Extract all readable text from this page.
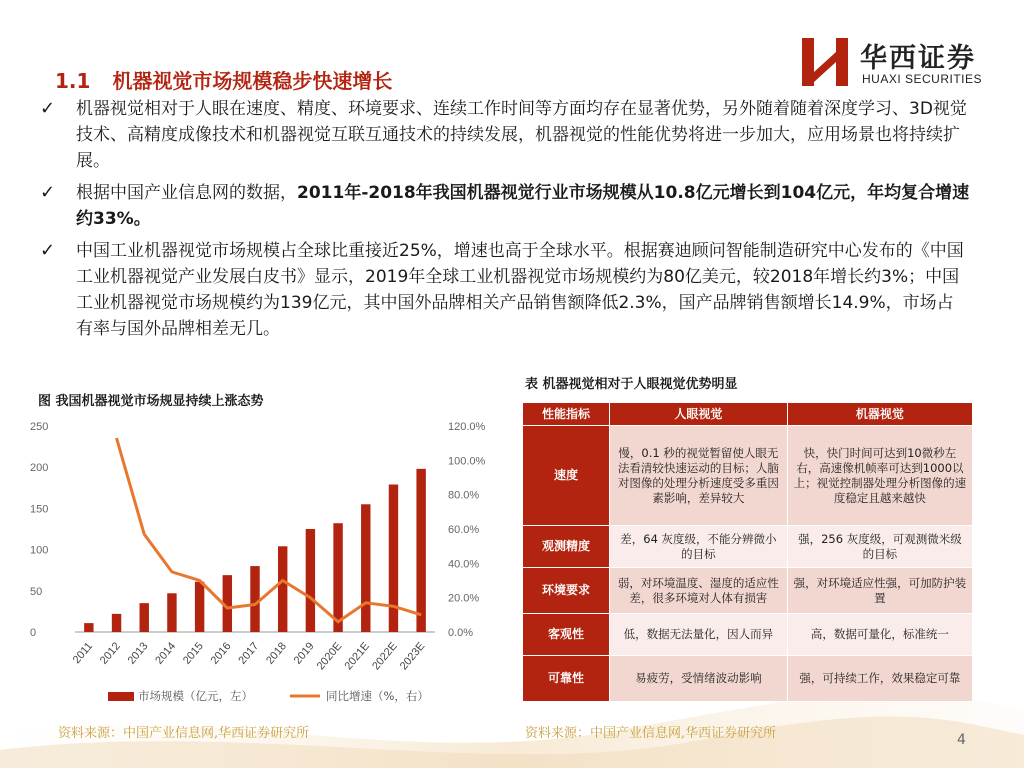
华西证券
HUAXI SECURITIES
1.1 机器视觉市场规模稳步快速增长
✓ 机器视觉相对于人眼在速度、精度、环境要求、连续工作时间等方面均存在显著优势，另外随着随着深度学习、3D视觉技术、高精度成像技术和机器视觉互联互通技术的持续发展，机器视觉的性能优势将进一步加大，应用场景也将持续扩展。
✓ 根据中国产业信息网的数据，2011年-2018年我国机器视觉行业市场规模从10.8亿元增长到104亿元，年均复合增速约33%。
✓ 中国工业机器视觉市场规模占全球比重接近25%，增速也高于全球水平。根据赛迪顾问智能制造研究中心发布的《中国工业机器视觉产业发展白皮书》显示，2019年全球工业机器视觉市场规模约为80亿美元，较2018年增长约3%；中国工业机器视觉市场规模约为139亿元，其中国外品牌相关产品销售额降低2.3%，国产品牌销售额增长14.9%，市场占有率与国外品牌相差无几。
图 我国机器视觉市场规显持续上涨态势
0
50
100
150
200
250
0.0%
20.0%
40.0%
60.0%
80.0%
100.0%
120.0%
2011 2012 2013 2014 2015 2016 2017 2018 2019
2020E
2021E
2022E
2023E
市场规模（亿元，左）	同比增速（%，右）
表 机器视觉相对于人眼视觉优势明显
性能指标	人眼视觉	机器视觉
速度	慢，0.1 秒的视觉暂留使人眼无法看清较快速运动的目标；人脑对图像的处理分析速度受多重因素影响，差异较大	快，快门时间可达到10微秒左右，高速像机帧率可达到1000以上；视觉控制器处理分析图像的速度稳定且越来越快
观测精度	差，64 灰度级，不能分辨微小的目标	强，256 灰度级，可观测微米级的目标
环境要求	弱，对环境温度、湿度的适应性差，很多环境对人体有损害	强，对环境适应性强，可加防护装置
客观性	低，数据无法量化，因人而异	高，数据可量化，标准统一
可靠性	易疲劳，受情绪波动影响	强，可持续工作，效果稳定可靠
资料来源：中国产业信息网,华西证券研究所	资料来源：中国产业信息网,华西证券研究所	4
